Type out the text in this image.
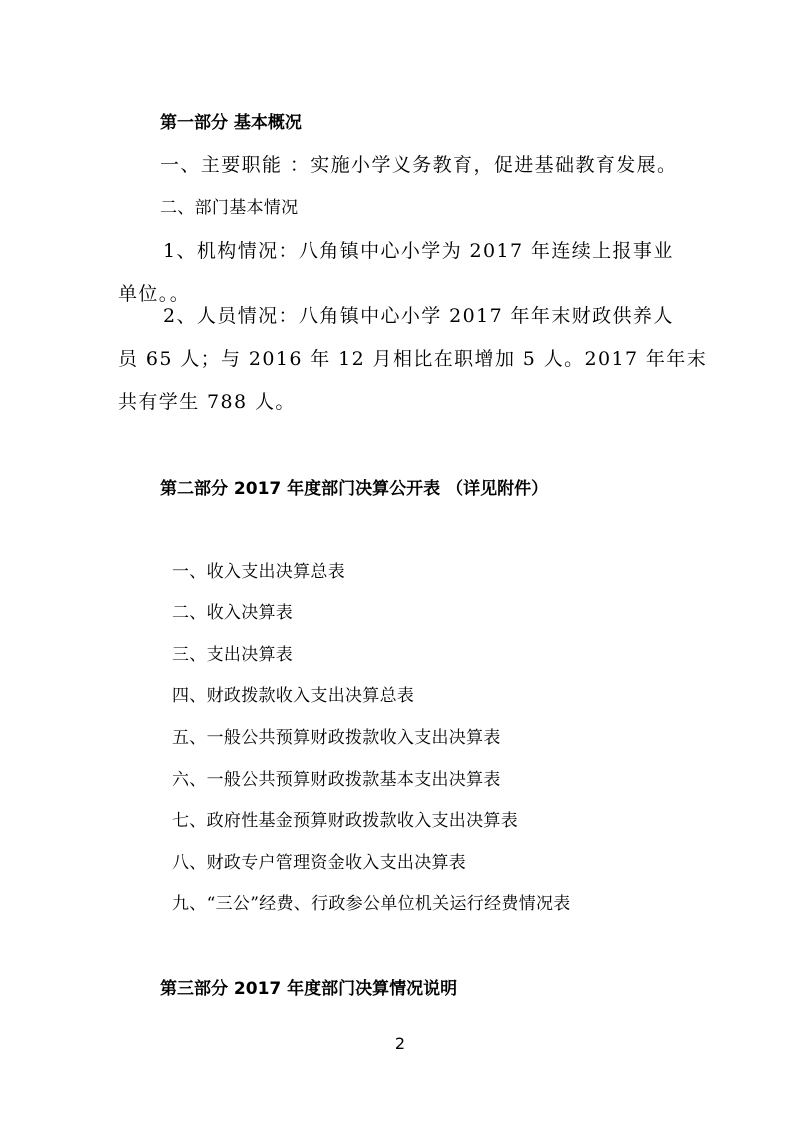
第一部分 基本概况
一、主要职能 ：实施小学义务教育，促进基础教育发展。
二、部门基本情况
1、机构情况：八角镇中心小学为 2017 年连续上报事业
单位。。
2、人员情况：八角镇中心小学 2017 年年末财政供养人
员 65 人；与 2016 年 12 月相比在职增加 5 人。2017 年年末
共有学生 788 人。
第二部分 2017 年度部门决算公开表 （详见附件）
一、收入支出决算总表
二、收入决算表
三、支出决算表
四、财政拨款收入支出决算总表
五、一般公共预算财政拨款收入支出决算表
六、一般公共预算财政拨款基本支出决算表
七、政府性基金预算财政拨款收入支出决算表
八、财政专户管理资金收入支出决算表
九、“三公”经费、行政参公单位机关运行经费情况表
第三部分 2017 年度部门决算情况说明
2
